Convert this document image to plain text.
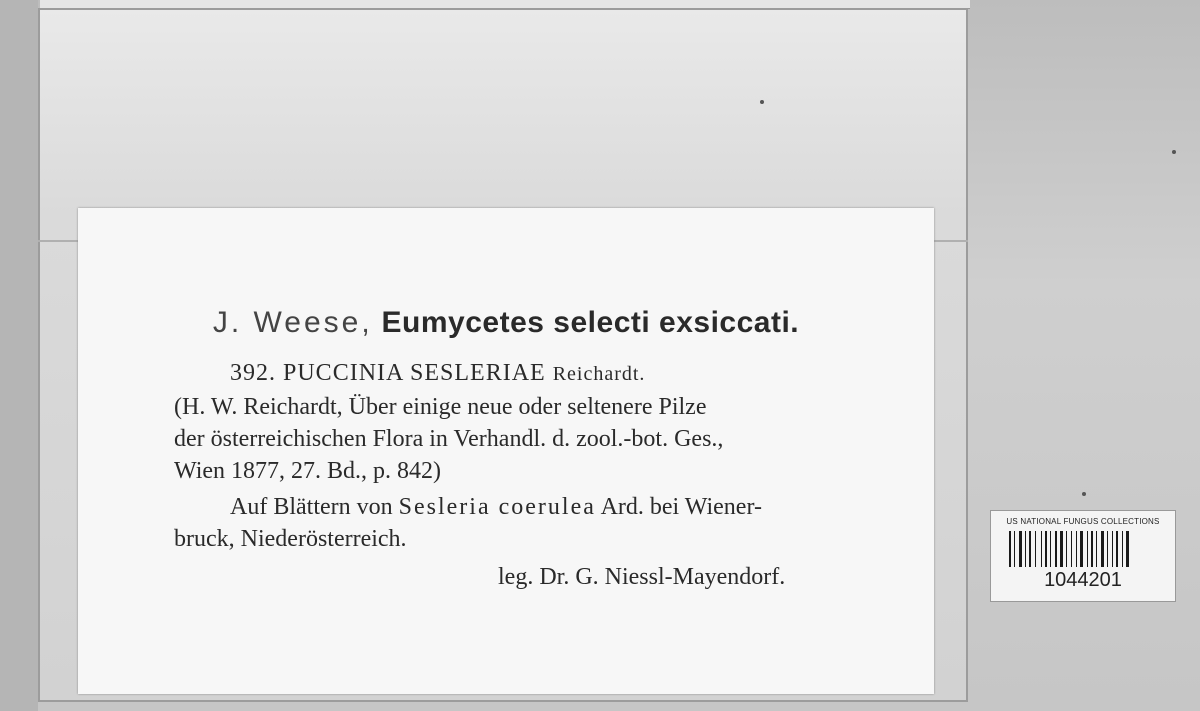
J. Weese, Eumycetes selecti exsiccati.
392. PUCCINIA SESLERIAE Reichardt.
(H. W. Reichardt, Über einige neue oder seltenere Pilze
der österreichischen Flora in Verhandl. d. zool.-bot. Ges.,
Wien 1877, 27. Bd., p. 842)
Auf Blättern von Sesleria coerulea Ard. bei Wiener-
bruck, Niederösterreich.
leg. Dr. G. Niessl-Mayendorf.
US NATIONAL FUNGUS COLLECTIONS
1044201
